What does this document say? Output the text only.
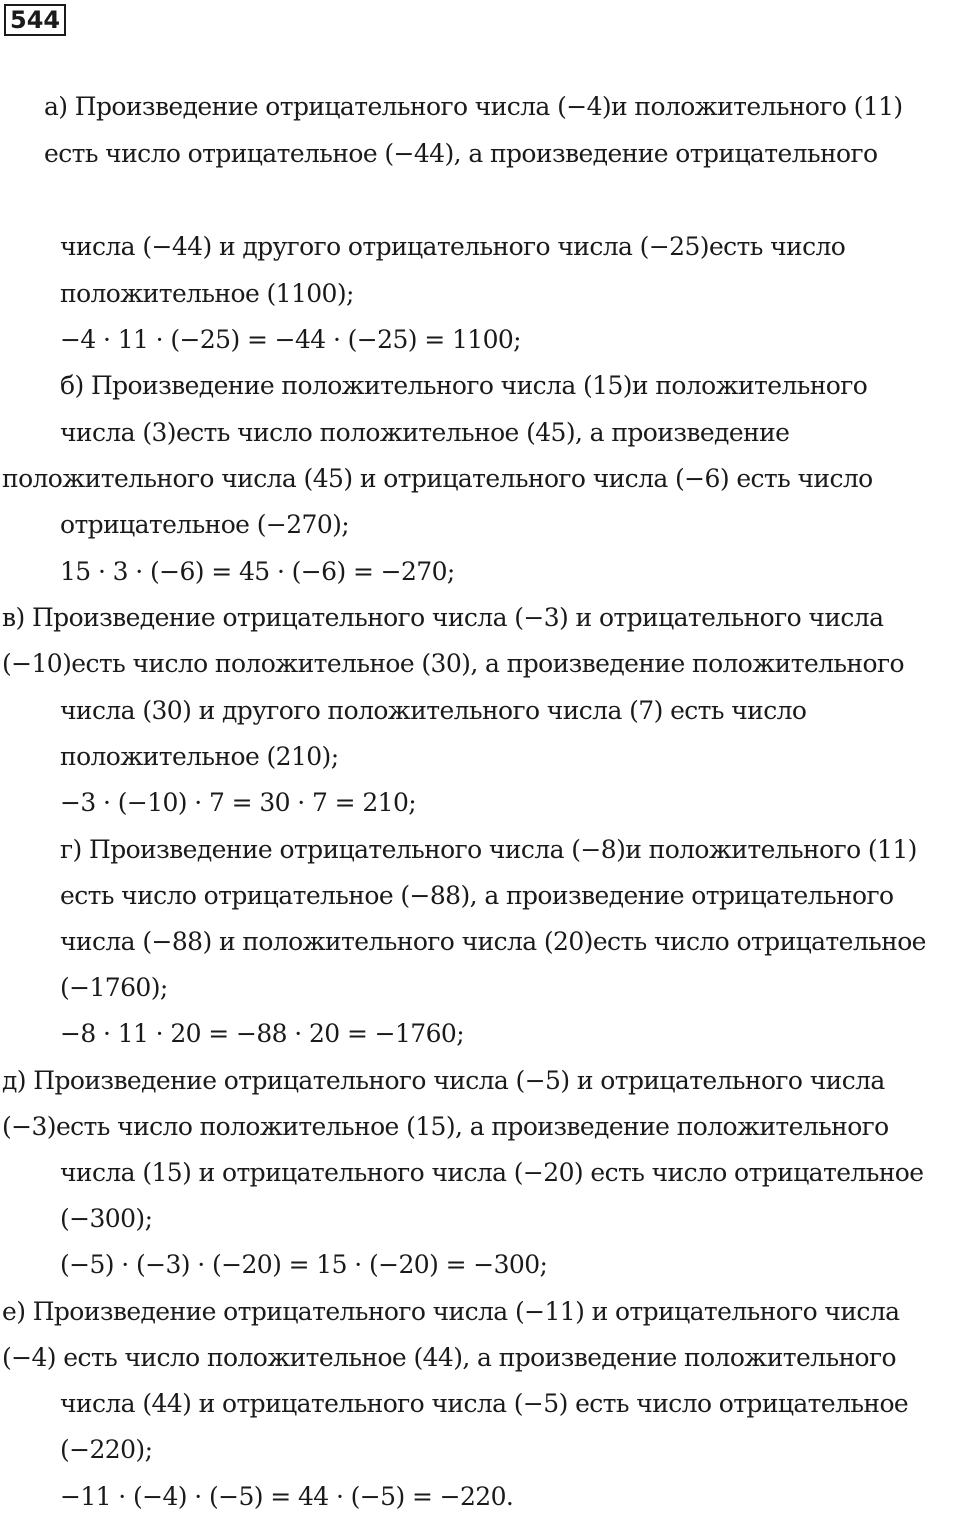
544
а) Произведение отрицательного числа (−4)и положительного (11)
есть число отрицательное (−44), а произведение отрицательного
числа (−44) и другого отрицательного числа (−25)есть число
положительное (1100);
−4 · 11 · (−25) = −44 · (−25) = 1100;
б) Произведение положительного числа (15)и положительного
числа (3)есть число положительное (45), а произведение
положительного числа (45) и отрицательного числа (−6) есть число
отрицательное (−270);
15 · 3 · (−6) = 45 · (−6) = −270;
в) Произведение отрицательного числа (−3) и отрицательного числа
(−10)есть число положительное (30), а произведение положительного
числа (30) и другого положительного числа (7) есть число
положительное (210);
−3 · (−10) · 7 = 30 · 7 = 210;
г) Произведение отрицательного числа (−8)и положительного (11)
есть число отрицательное (−88), а произведение отрицательного
числа (−88) и положительного числа (20)есть число отрицательное
(−1760);
−8 · 11 · 20 = −88 · 20 = −1760;
д) Произведение отрицательного числа (−5) и отрицательного числа
(−3)есть число положительное (15), а произведение положительного
числа (15) и отрицательного числа (−20) есть число отрицательное
(−300);
(−5) · (−3) · (−20) = 15 · (−20) = −300;
е) Произведение отрицательного числа (−11) и отрицательного числа
(−4) есть число положительное (44), а произведение положительного
числа (44) и отрицательного числа (−5) есть число отрицательное
(−220);
−11 · (−4) · (−5) = 44 · (−5) = −220.
